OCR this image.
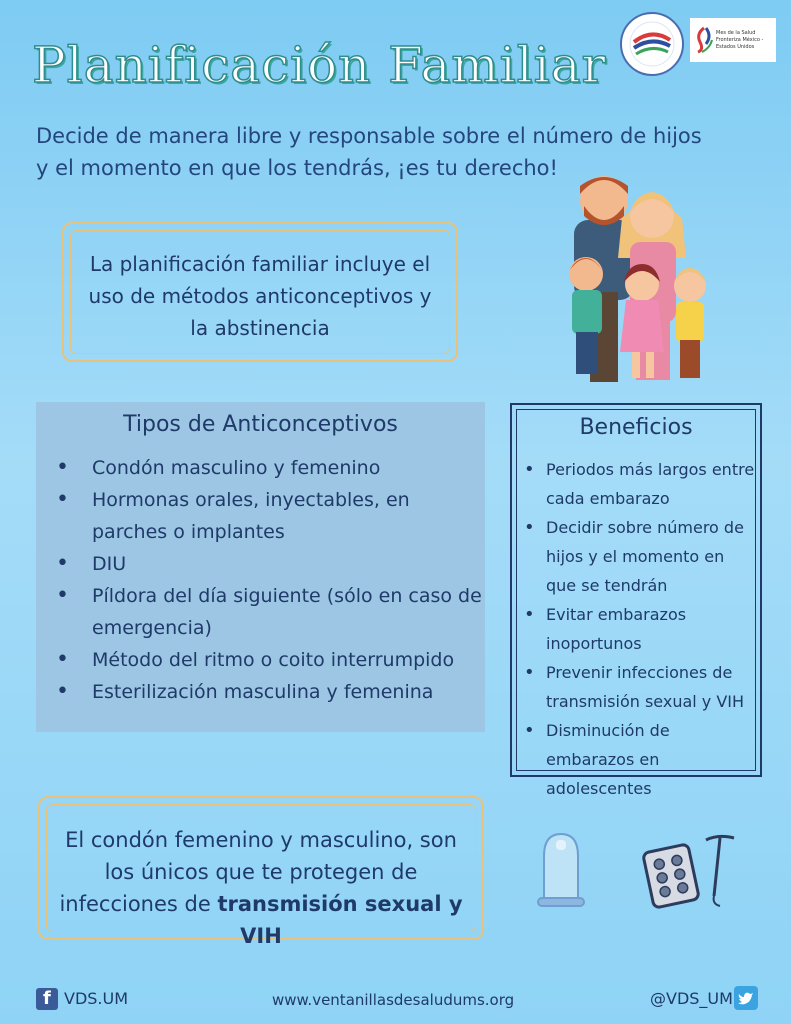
Planificación Familiar
Mes de la Salud Fronteriza México - Estados Unidos
Decide de manera libre y responsable sobre el número de hijos y el momento en que los tendrás, ¡es tu derecho!
La planificación familiar incluye el uso de métodos anticonceptivos y la abstinencia
Tipos de Anticonceptivos
• Condón masculino y femenino
• Hormonas orales, inyectables, en parches o implantes
• DIU
• Píldora del día siguiente (sólo en caso de emergencia)
• Método del ritmo o coito interrumpido
• Esterilización masculina y femenina
Beneficios
• Periodos más largos entre cada embarazo
• Decidir sobre número de hijos y el momento en que se tendrán
• Evitar embarazos inoportunos
• Prevenir infecciones de transmisión sexual y VIH
• Disminución de embarazos en adolescentes
El condón femenino y masculino, son los únicos que te protegen de infecciones de transmisión sexual y VIH
f VDS.UM	www.ventanillasdesaludums.org	@VDS_UM
